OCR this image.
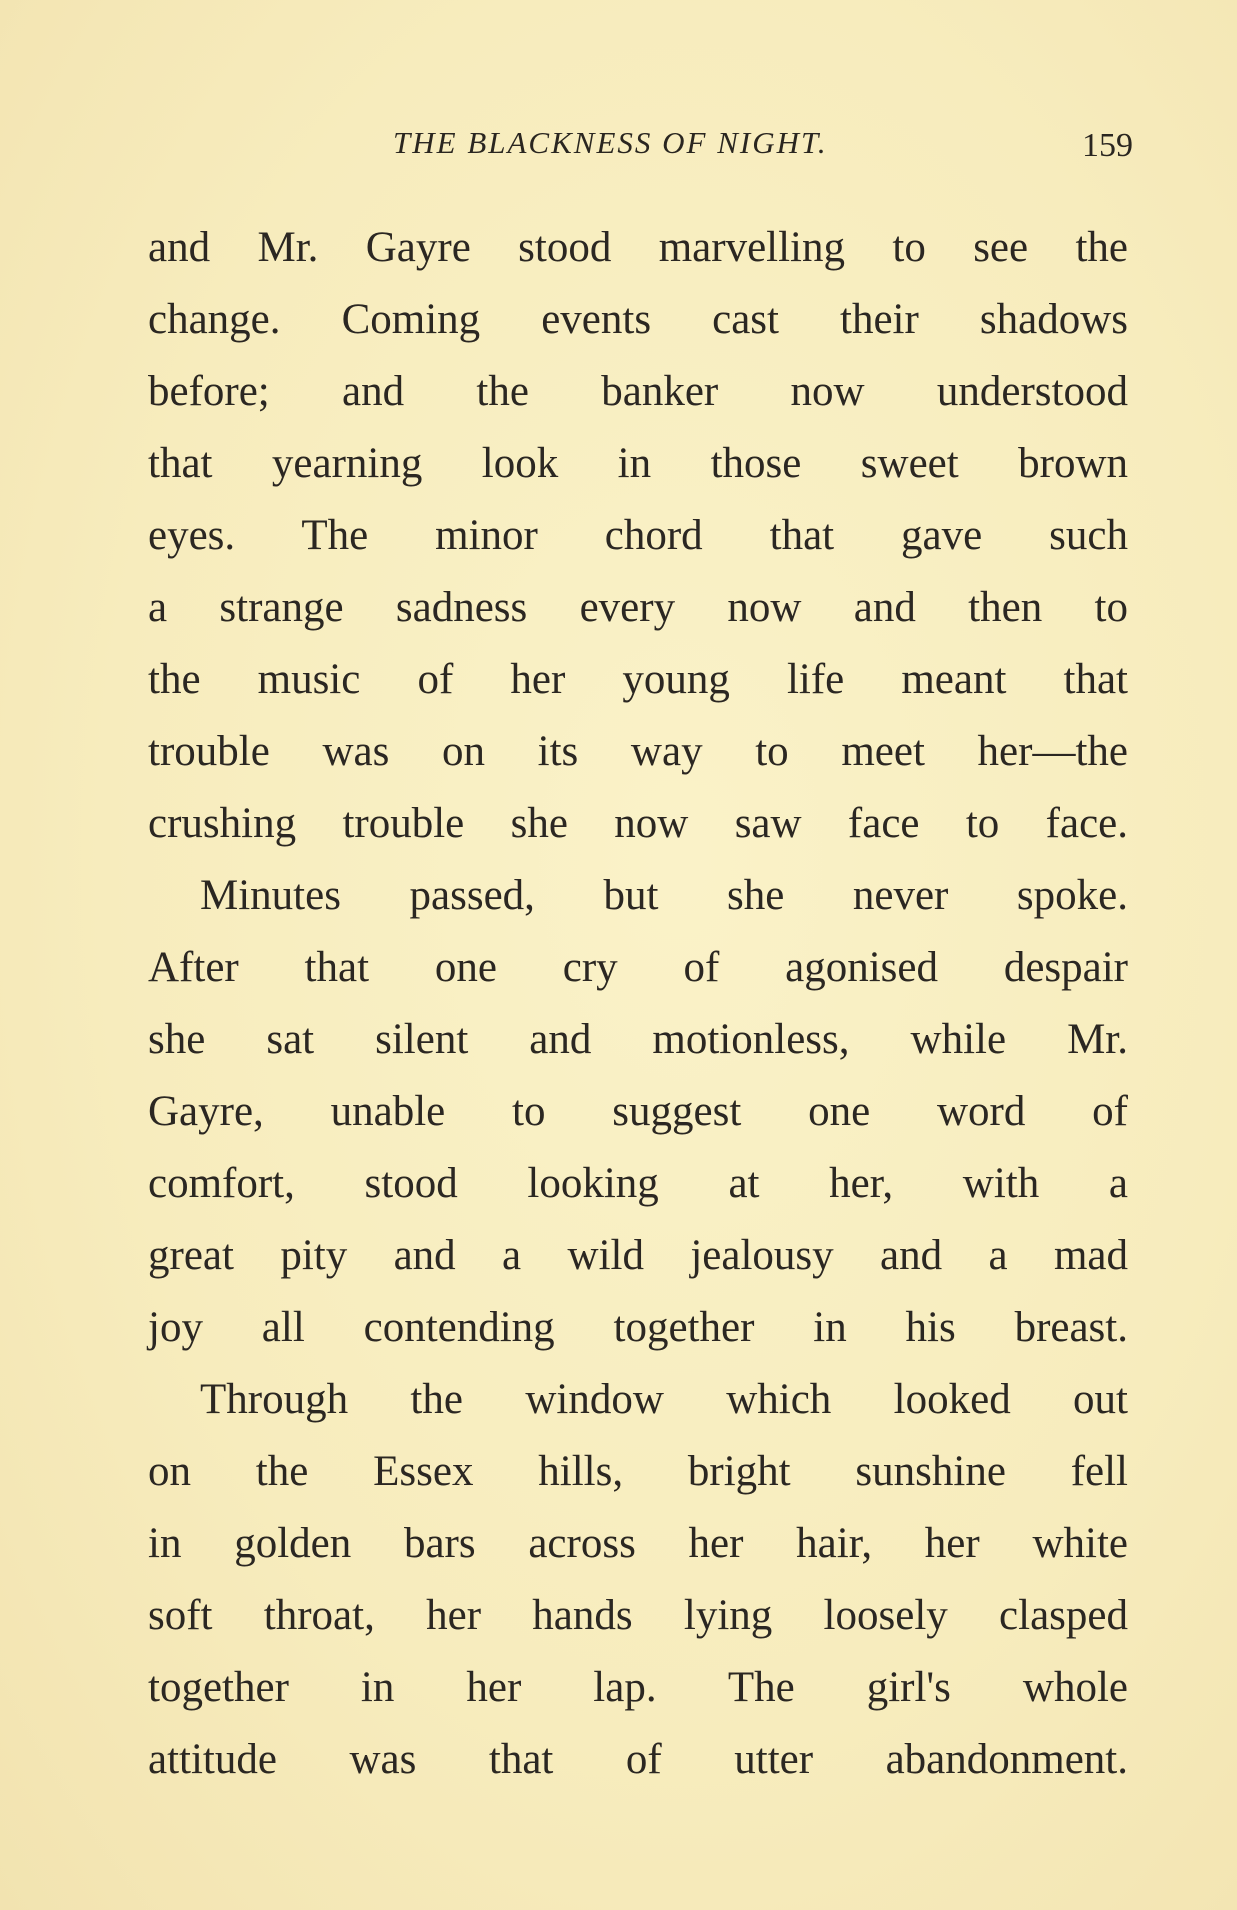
THE BLACKNESS OF NIGHT.	159
and Mr. Gayre stood marvelling to see the
change. Coming events cast their shadows
before; and the banker now understood
that yearning look in those sweet brown
eyes. The minor chord that gave such
a strange sadness every now and then to
the music of her young life meant that
trouble was on its way to meet her—the
crushing trouble she now saw face to face.
Minutes passed, but she never spoke.
After that one cry of agonised despair
she sat silent and motionless, while Mr.
Gayre, unable to suggest one word of
comfort, stood looking at her, with a
great pity and a wild jealousy and a mad
joy all contending together in his breast.
Through the window which looked out
on the Essex hills, bright sunshine fell
in golden bars across her hair, her white
soft throat, her hands lying loosely clasped
together in her lap. The girl's whole
attitude was that of utter abandonment.
